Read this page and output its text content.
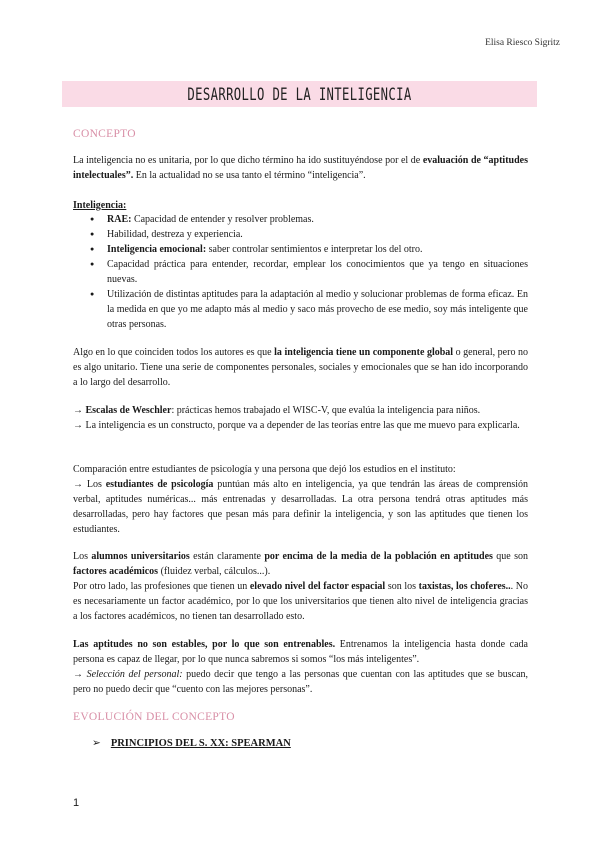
Elisa Riesco Sigritz
DESARROLLO DE LA INTELIGENCIA
CONCEPTO
La inteligencia no es unitaria, por lo que dicho término ha ido sustituyéndose por el de evaluación de “aptitudes intelectuales”. En la actualidad no se usa tanto el término “inteligencia”.
Inteligencia:
● RAE: Capacidad de entender y resolver problemas.
● Habilidad, destreza y experiencia.
● Inteligencia emocional: saber controlar sentimientos e interpretar los del otro.
● Capacidad práctica para entender, recordar, emplear los conocimientos que ya tengo en situaciones nuevas.
● Utilización de distintas aptitudes para la adaptación al medio y solucionar problemas de forma eficaz. En la medida en que yo me adapto más al medio y saco más provecho de ese medio, soy más inteligente que otras personas.
Algo en lo que coinciden todos los autores es que la inteligencia tiene un componente global o general, pero no es algo unitario. Tiene una serie de componentes personales, sociales y emocionales que se han ido incorporando a lo largo del desarrollo.
→ Escalas de Weschler: prácticas hemos trabajado el WISC-V, que evalúa la inteligencia para niños.
→ La inteligencia es un constructo, porque va a depender de las teorías entre las que me muevo para explicarla.
Comparación entre estudiantes de psicología y una persona que dejó los estudios en el instituto:
→ Los estudiantes de psicología puntúan más alto en inteligencia, ya que tendrán las áreas de comprensión verbal, aptitudes numéricas... más entrenadas y desarrolladas. La otra persona tendrá otras aptitudes más desarrolladas, pero hay factores que pesan más para definir la inteligencia, y son las aptitudes que tienen los estudiantes.
Los alumnos universitarios están claramente por encima de la media de la población en aptitudes que son factores académicos (fluidez verbal, cálculos...).
Por otro lado, las profesiones que tienen un elevado nivel del factor espacial son los taxistas, los choferes... No es necesariamente un factor académico, por lo que los universitarios que tienen alto nivel de inteligencia gracias a los factores académicos, no tienen tan desarrollado esto.
Las aptitudes no son estables, por lo que son entrenables. Entrenamos la inteligencia hasta donde cada persona es capaz de llegar, por lo que nunca sabremos si somos “los más inteligentes”.
→ Selección del personal: puedo decir que tengo a las personas que cuentan con las aptitudes que se buscan, pero no puedo decir que “cuento con las mejores personas”.
EVOLUCIÓN DEL CONCEPTO
➢ PRINCIPIOS DEL S. XX: SPEARMAN
1
